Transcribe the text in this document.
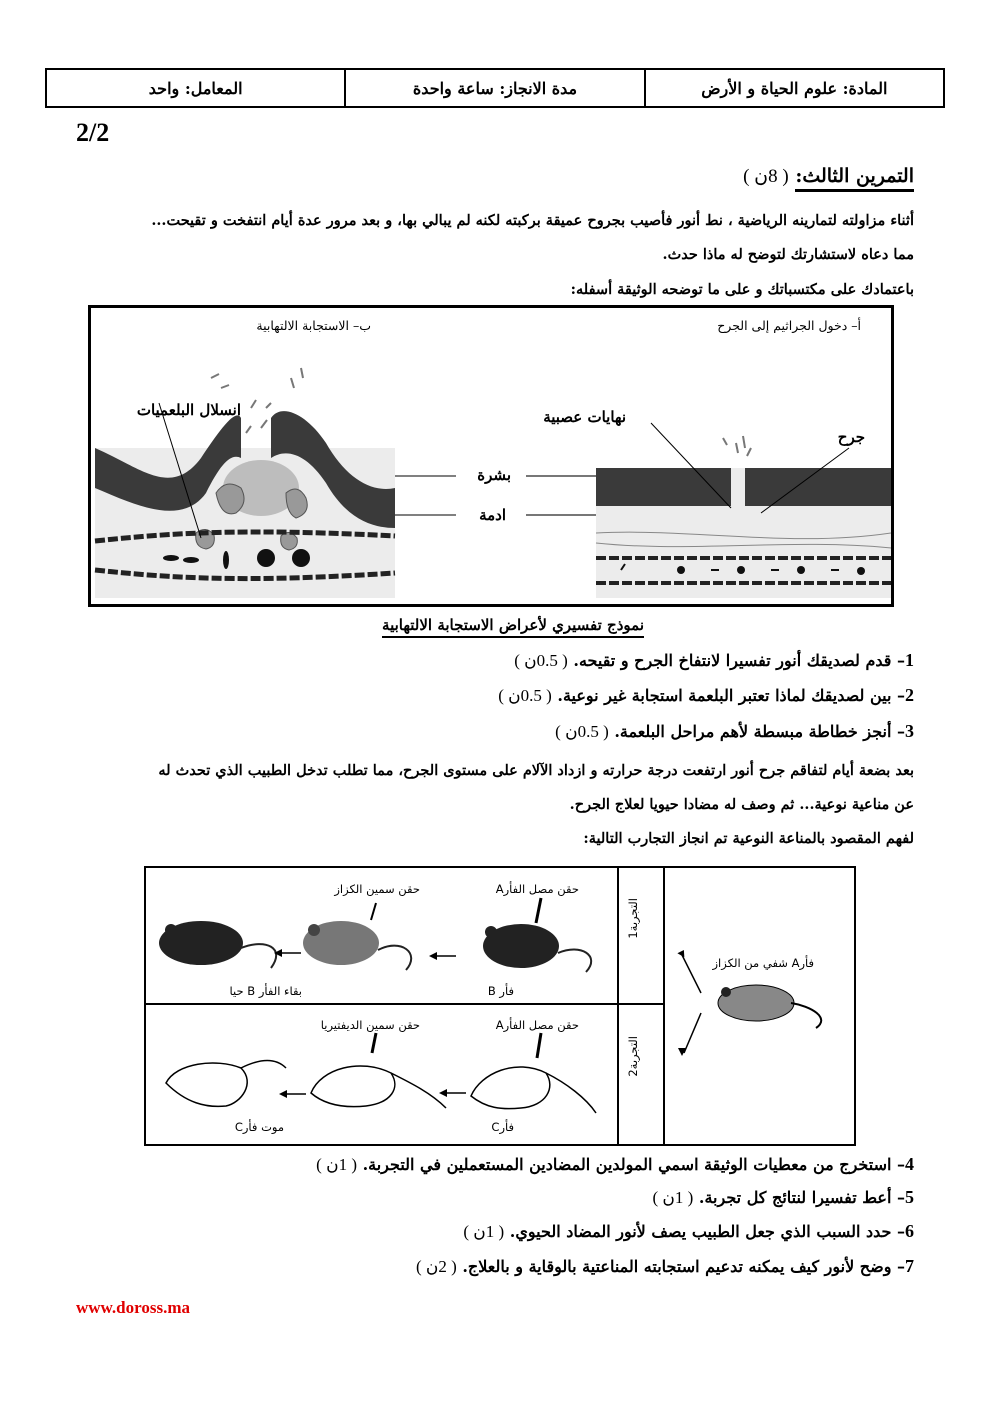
المادة: علوم الحياة و الأرض
مدة الانجاز: ساعة واحدة
المعامل: واحد
2/2
التمرين الثالث: ( 8ن )
أثناء مزاولته لتمارينه الرياضية ، نط أنور فأصيب بجروح عميقة بركبته لكنه لم يبالي بها، و بعد مرور عدة أيام انتفخت و تقيحت...
مما دعاه لاستشارتك لتوضح له ماذا حدث.
باعتمادك على مكتسباتك و على ما توضحه الوثيقة أسفله:
أ– دخول الجراثيم إلى الجرح
ب– الاستجابة الالتهابية
جرح
نهايات عصبية
انسلال البلعميات
بشرة
ادمة
نموذج تفسيري لأعراض الاستجابة الالتهابية
1– قدم لصديقك أنور تفسيرا لانتفاخ الجرح و تقيحه. ( 0.5ن )
2– بين لصديقك لماذا تعتبر البلعمة استجابة غير نوعية. ( 0.5ن )
3– أنجز خطاطة مبسطة لأهم مراحل البلعمة. ( 0.5ن )
بعد بضعة أيام لتفاقم جرح أنور ارتفعت درجة حرارته و ازداد الآلام على مستوى الجرح، مما تطلب تدخل الطبيب الذي تحدث له
عن مناعية نوعية... ثم وصف له مضادا حيويا لعلاج الجرح.
لفهم المقصود بالمناعة النوعية تم انجاز التجارب التالية:
التجربة1
التجربة2
فأرA شفي من الكزاز
حقن مصل الفأرA
حقن سمين الكزاز
فأر B
بقاء الفأر B حيا
حقن مصل الفأرA
حقن سمين الديفتيريا
فأرC
موت فأرC
4– استخرج من معطيات الوثيقة اسمي المولدين المضادين المستعملين في التجربة. ( 1ن )
5– أعط تفسيرا لنتائج كل تجربة. ( 1ن )
6– حدد السبب الذي جعل الطبيب يصف لأنور المضاد الحيوي. ( 1ن )
7– وضح لأنور كيف يمكنه تدعيم استجابته المناعتية بالوقاية و بالعلاج. ( 2ن )
www.doross.ma
